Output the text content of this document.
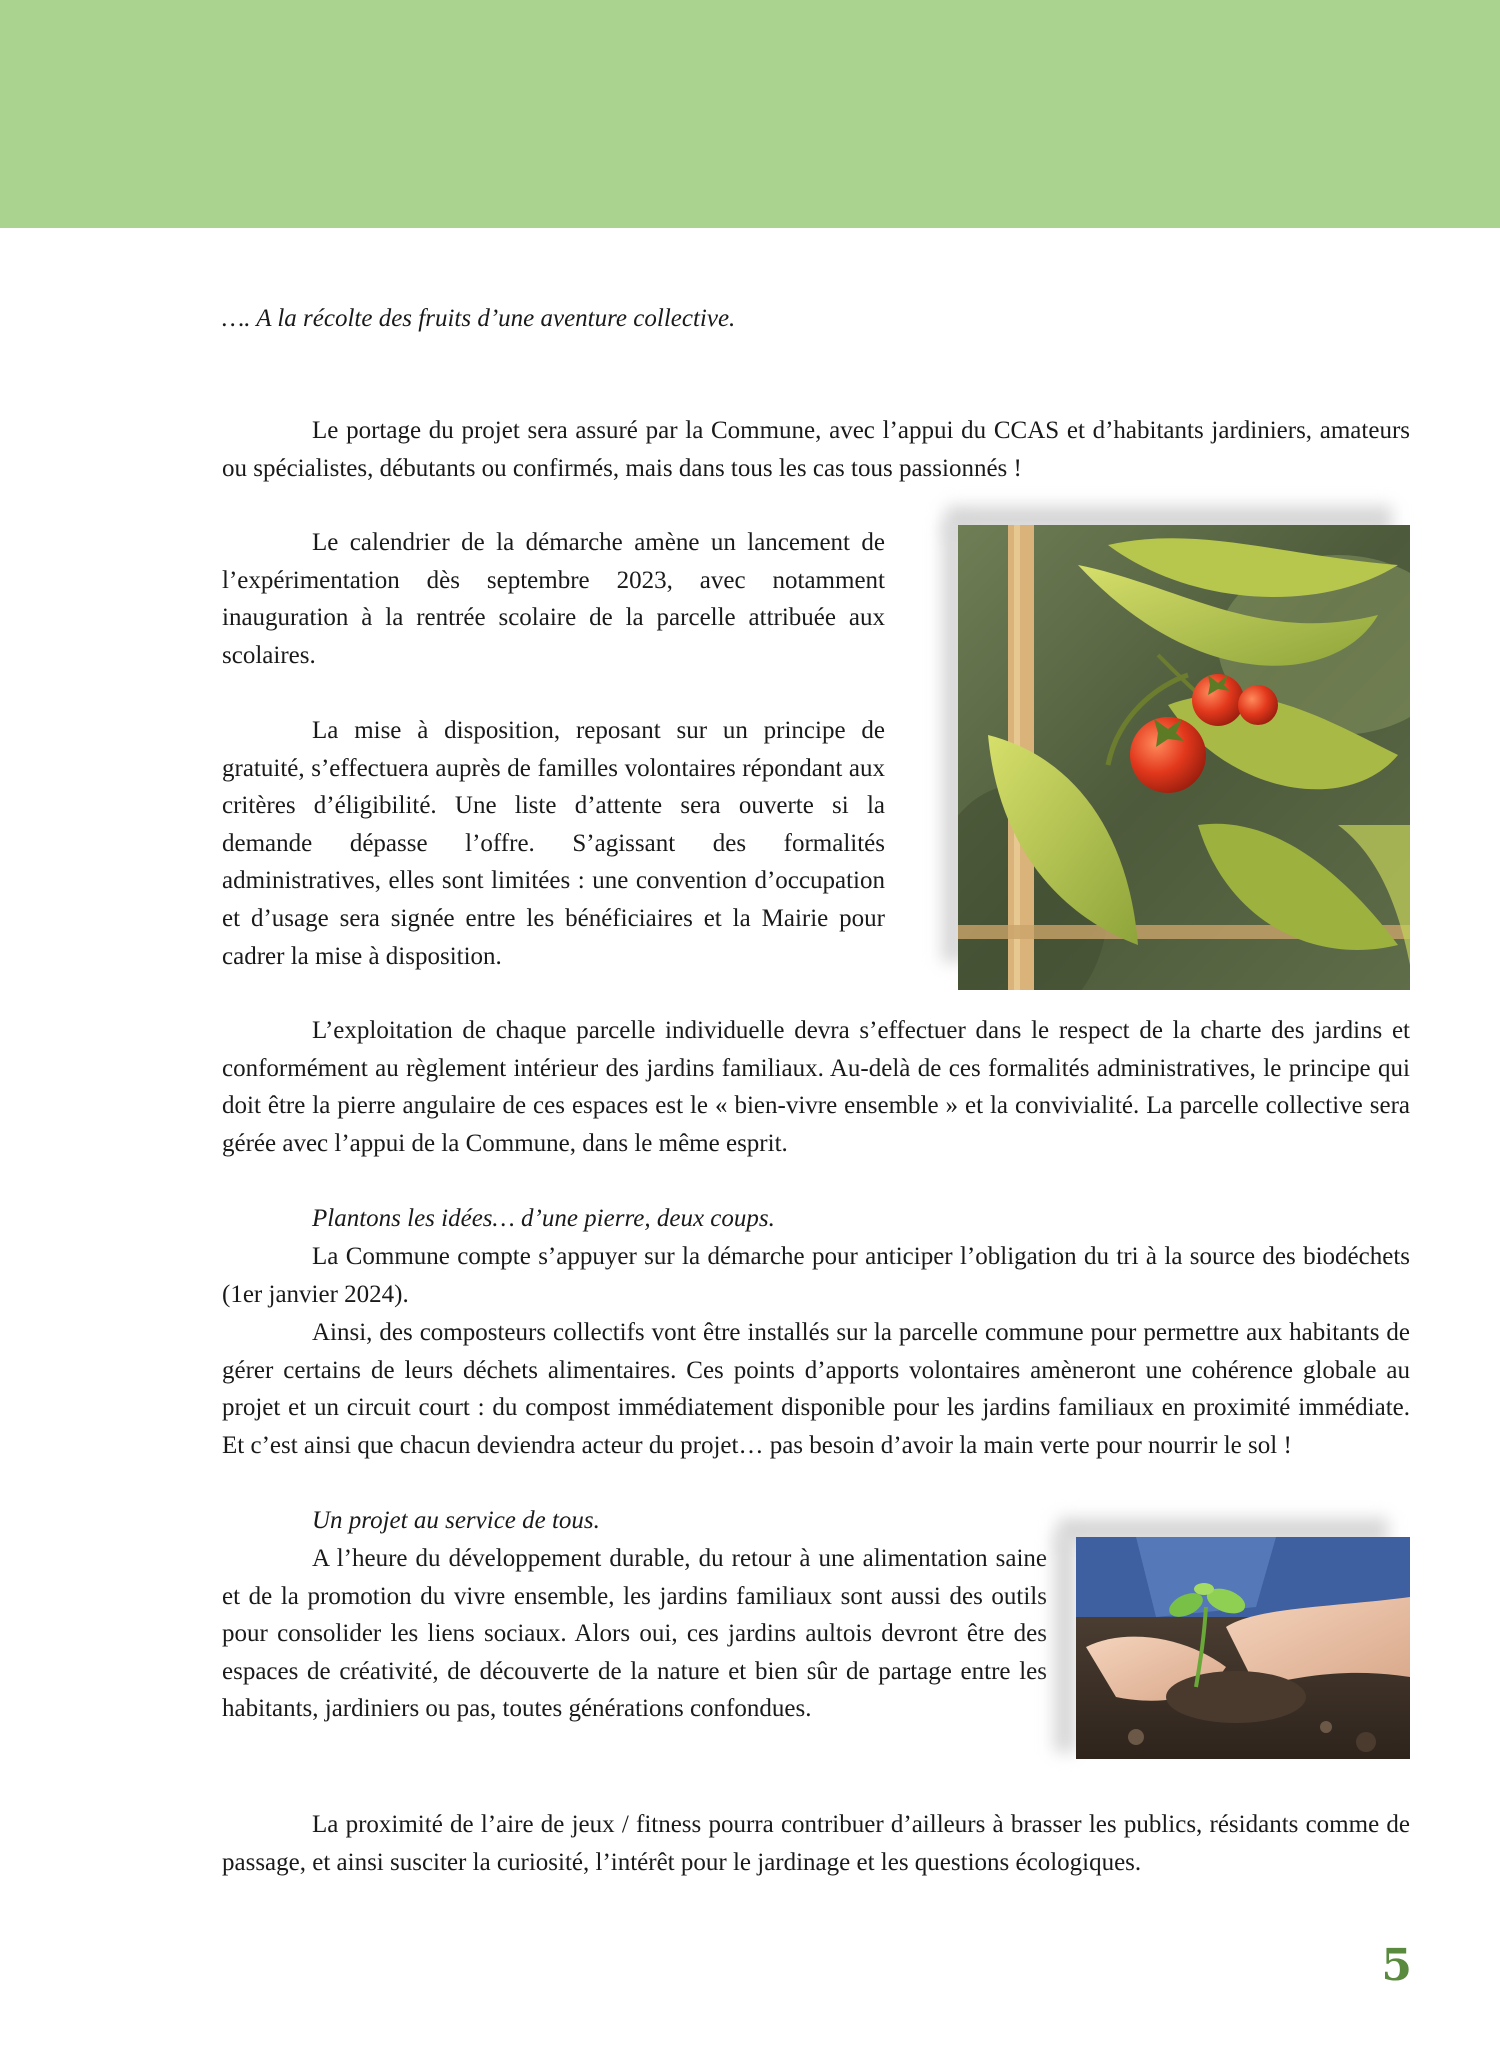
…. A la récolte des fruits d’une aventure collective.

Le portage du projet sera assuré par la Commune, avec l’appui du CCAS et d’habitants jardiniers, amateurs ou spécialistes, débutants ou confirmés, mais dans tous les cas tous passionnés !

Le calendrier de la démarche amène un lancement de l’expérimentation dès septembre 2023, avec notamment inauguration à la rentrée scolaire de la parcelle attribuée aux scolaires.

La mise à disposition, reposant sur un principe de gratuité, s’effectuera auprès de familles volontaires répondant aux critères d’éligibilité. Une liste d’attente sera ouverte si la demande dépasse l’offre. S’agissant des formalités administratives, elles sont limitées : une convention d’occupation et d’usage sera signée entre les bénéficiaires et la Mairie pour cadrer la mise à disposition.

L’exploitation de chaque parcelle individuelle devra s’effectuer dans le respect de la charte des jardins et conformément au règlement intérieur des jardins familiaux. Au-delà de ces formalités administratives, le principe qui doit être la pierre angulaire de ces espaces est le « bien-vivre ensemble » et la convivialité. La parcelle collective sera gérée avec l’appui de la Commune, dans le même esprit.

Plantons les idées… d’une pierre, deux coups.

La Commune compte s’appuyer sur la démarche pour anticiper l’obligation du tri à la source des biodéchets (1er janvier 2024).

Ainsi, des composteurs collectifs vont être installés sur la parcelle commune pour permettre aux habitants de gérer certains de leurs déchets alimentaires. Ces points d’apports volontaires amèneront une cohérence globale au projet et un circuit court : du compost immédiatement disponible pour les jardins familiaux en proximité immédiate. Et c’est ainsi que chacun deviendra acteur du projet… pas besoin d’avoir la main verte pour nourrir le sol !

Un projet au service de tous.

A l’heure du développement durable, du retour à une alimentation saine et de la promotion du vivre ensemble, les jardins familiaux sont aussi des outils pour consolider les liens sociaux. Alors oui, ces jardins aultois devront être des espaces de créativité, de découverte de la nature et bien sûr de partage entre les habitants, jardiniers ou pas, toutes générations confondues.

La proximité de l’aire de jeux / fitness pourra contribuer d’ailleurs à brasser les publics, résidants comme de passage, et ainsi susciter la curiosité, l’intérêt pour le jardinage et les questions écologiques.

5
